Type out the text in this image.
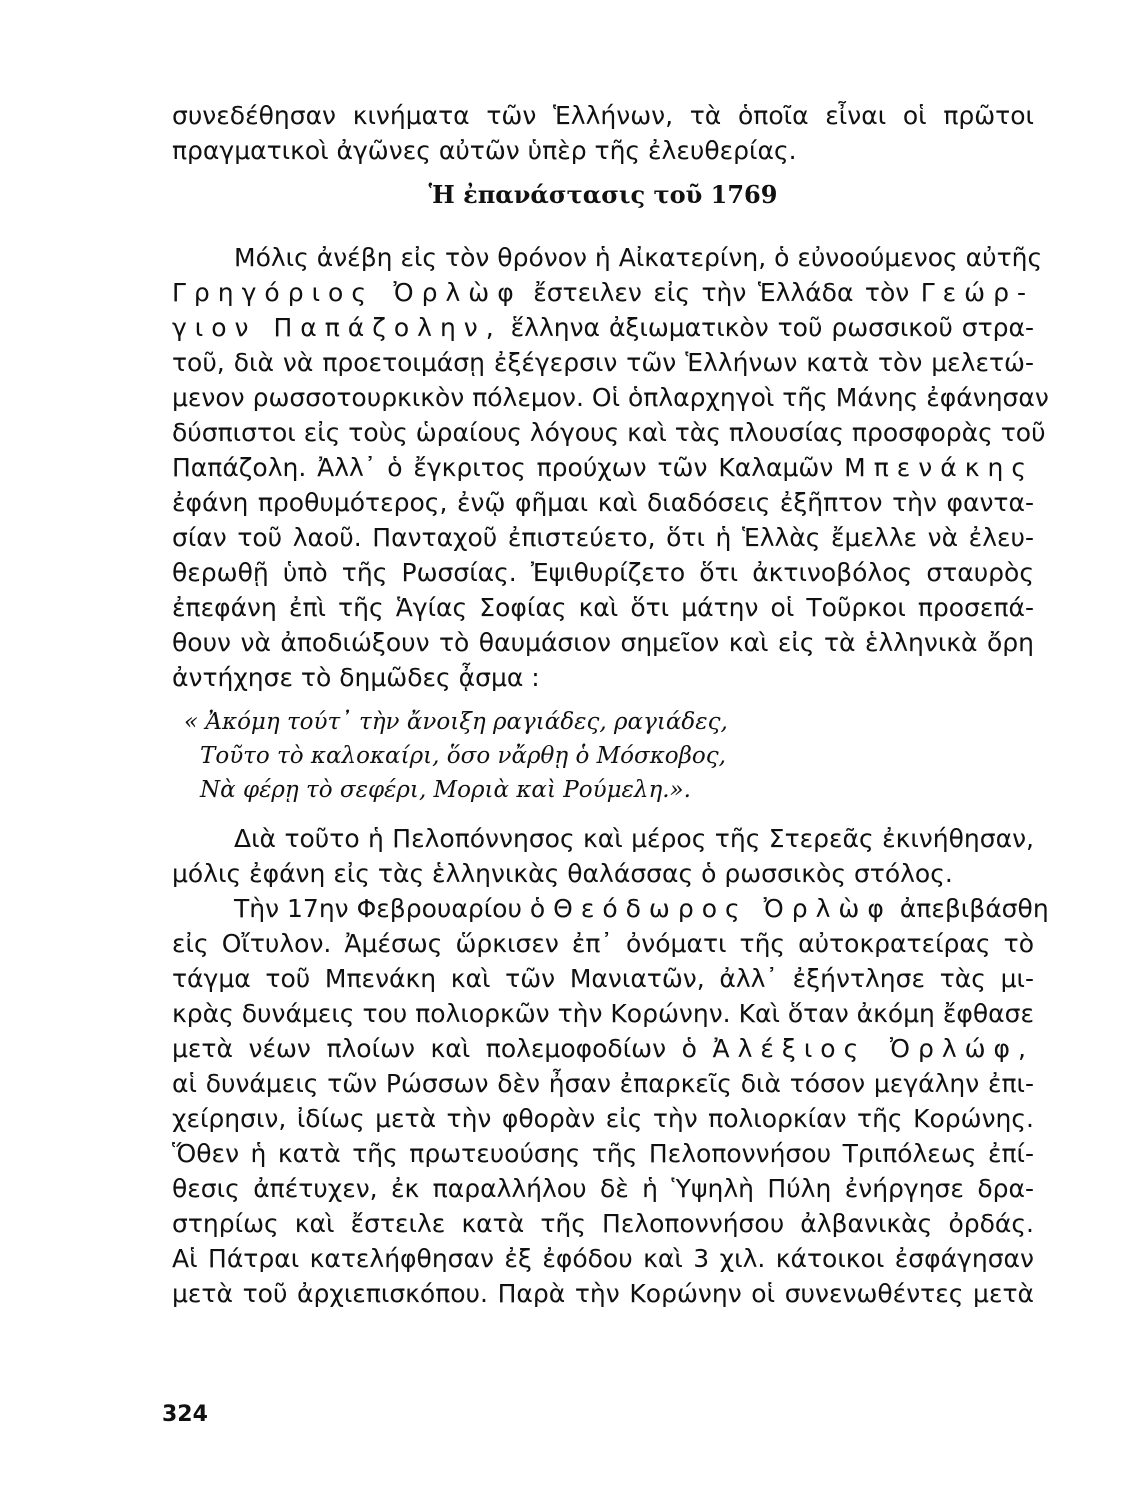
συνεδέθησαν κινήματα τῶν Ἑλλήνων, τὰ ὁποῖα εἶναι οἱ πρῶτοι
πραγματικοὶ ἀγῶνες αὐτῶν ὑπὲρ τῆς ἐλευθερίας.
Ἡ ἐπανάστασις τοῦ 1769
Μόλις ἀνέβη εἰς τὸν θρόνον ἡ Αἰκατερίνη, ὁ εὐνοούμενος αὐτῆς
Γρηγόριος Ὀρλὼφ ἔστειλεν εἰς τὴν Ἑλλάδα τὸν Γεώρ-
γιον Παπάζολην, ἕλληνα ἀξιωματικὸν τοῦ ρωσσικοῦ στρα-
τοῦ, διὰ νὰ προετοιμάσῃ ἐξέγερσιν τῶν Ἑλλήνων κατὰ τὸν μελετώ-
μενον ρωσσοτουρκικὸν πόλεμον. Οἱ ὁπλαρχηγοὶ τῆς Μάνης ἐφάνησαν
δύσπιστοι εἰς τοὺς ὡραίους λόγους καὶ τὰς πλουσίας προσφορὰς τοῦ
Παπάζολη. Ἀλλ᾽ ὁ ἔγκριτος προύχων τῶν Καλαμῶν Μπενάκης
ἐφάνη προθυμότερος, ἐνῷ φῆμαι καὶ διαδόσεις ἐξῆπτον τὴν φαντα-
σίαν τοῦ λαοῦ. Πανταχοῦ ἐπιστεύετο, ὅτι ἡ Ἑλλὰς ἔμελλε νὰ ἐλευ-
θερωθῇ ὑπὸ τῆς Ρωσσίας. Ἐψιθυρίζετο ὅτι ἀκτινοβόλος σταυρὸς
ἐπεφάνη ἐπὶ τῆς Ἁγίας Σοφίας καὶ ὅτι μάτην οἱ Τοῦρκοι προσεπά-
θουν νὰ ἀποδιώξουν τὸ θαυμάσιον σημεῖον καὶ εἰς τὰ ἑλληνικὰ ὄρη
ἀντήχησε τὸ δημῶδες ᾆσμα :
« Ἀκόμη τούτ᾽ τὴν ἄνοιξη ραγιάδες, ραγιάδες,
Τοῦτο τὸ καλοκαίρι, ὅσο νἄρθῃ ὁ Μόσκοβος,
Νὰ φέρῃ τὸ σεφέρι, Μοριὰ καὶ Ρούμελη.».
Διὰ τοῦτο ἡ Πελοπόννησος καὶ μέρος τῆς Στερεᾶς ἐκινήθησαν,
μόλις ἐφάνη εἰς τὰς ἑλληνικὰς θαλάσσας ὁ ρωσσικὸς στόλος.
Τὴν 17ην Φεβρουαρίου ὁ Θεόδωρος Ὀρλὼφ ἀπεβιβάσθη
εἰς Οἴτυλον. Ἀμέσως ὥρκισεν ἐπ᾽ ὀνόματι τῆς αὐτοκρατείρας τὸ
τάγμα τοῦ Μπενάκη καὶ τῶν Μανιατῶν, ἀλλ᾽ ἐξήντλησε τὰς μι-
κρὰς δυνάμεις του πολιορκῶν τὴν Κορώνην. Καὶ ὅταν ἀκόμη ἔφθασε
μετὰ νέων πλοίων καὶ πολεμοφοδίων ὁ Ἀλέξιος Ὀρλώφ,
αἱ δυνάμεις τῶν Ρώσσων δὲν ἦσαν ἐπαρκεῖς διὰ τόσον μεγάλην ἐπι-
χείρησιν, ἰδίως μετὰ τὴν φθορὰν εἰς τὴν πολιορκίαν τῆς Κορώνης.
Ὅθεν ἡ κατὰ τῆς πρωτευούσης τῆς Πελοποννήσου Τριπόλεως ἐπί-
θεσις ἀπέτυχεν, ἐκ παραλλήλου δὲ ἡ Ὑψηλὴ Πύλη ἐνήργησε δρα-
στηρίως καὶ ἔστειλε κατὰ τῆς Πελοποννήσου ἀλβανικὰς ὀρδάς.
Αἱ Πάτραι κατελήφθησαν ἐξ ἐφόδου καὶ 3 χιλ. κάτοικοι ἐσφάγησαν
μετὰ τοῦ ἀρχιεπισκόπου. Παρὰ τὴν Κορώνην οἱ συνενωθέντες μετὰ
324
